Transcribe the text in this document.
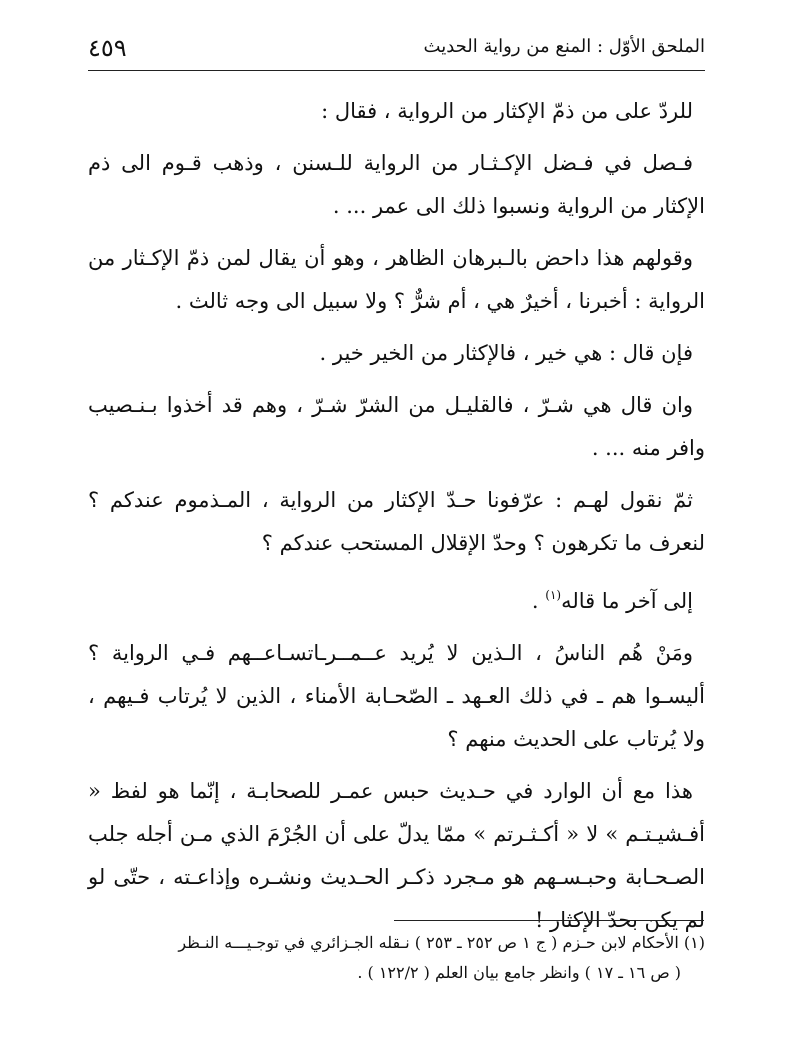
٤٥٩	الملحق الأوّل : المنع من رواية الحديث

للردّ على من ذمّ الإكثار من الرواية ، فقال :

فـصل في فـضل الإكـثـار من الرواية للـسنن ، وذهب قـوم الى ذم الإكثار من الرواية ونسبوا ذلك الى عمر ... .

وقولهم هذا داحض بالـبرهان الظاهر ، وهو أن يقال لمن ذمّ الإكـثار من الرواية : أخبرنا ، أخيرٌ هي ، أم شرٌّ ؟ ولا سبيل الى وجه ثالث .

فإن قال : هي خير ، فالإكثار من الخير خير .

وان قال هي شـرّ ، فالقليـل من الشرّ شـرّ ، وهم قد أخذوا بـنـصيب وافر منه ... .

ثمّ نقول لهـم : عرّفونا حـدّ الإكثار من الرواية ، المـذموم عندكم ؟ لنعرف ما تكرهون ؟ وحدّ الإقلال المستحب عندكم ؟

إلى آخر ما قاله$^{(١)}$ .

ومَنْ هُم الناسُ ، الـذين لا يُريد عــمــرـاتسـاعــهم فـي الرواية ؟ أليسـوا هم ـ في ذلك العـهد ـ الصّحـابة الأمناء ، الذين لا يُرتاب فـيهم ، ولا يُرتاب على الحديث منهم ؟

هذا مع أن الوارد في حـديث حبس عمـر للصحابـة ، إنّما هو لفظ « أفـشيـتـم » لا « أكـثـرتم » ممّا يدلّ على أن الجُرْمَ الذي مـن أجله جلب الصـحـابة وحبـسـهم هو مـجرد ذكـر الحـديث ونشـره وإذاعـته ، حتّى لو لم يكن بحدّ الإكثار !

(١) الأحكام لابن حـزم ( ج ١ ص ٢٥٢ ـ ٢٥٣ ) نـقله الجـزائري في توجـيـــه النـظر

( ص ١٦ ـ ١٧ ) وانظر جامع بيان العلم ( ١٢٢/٢ ) .
